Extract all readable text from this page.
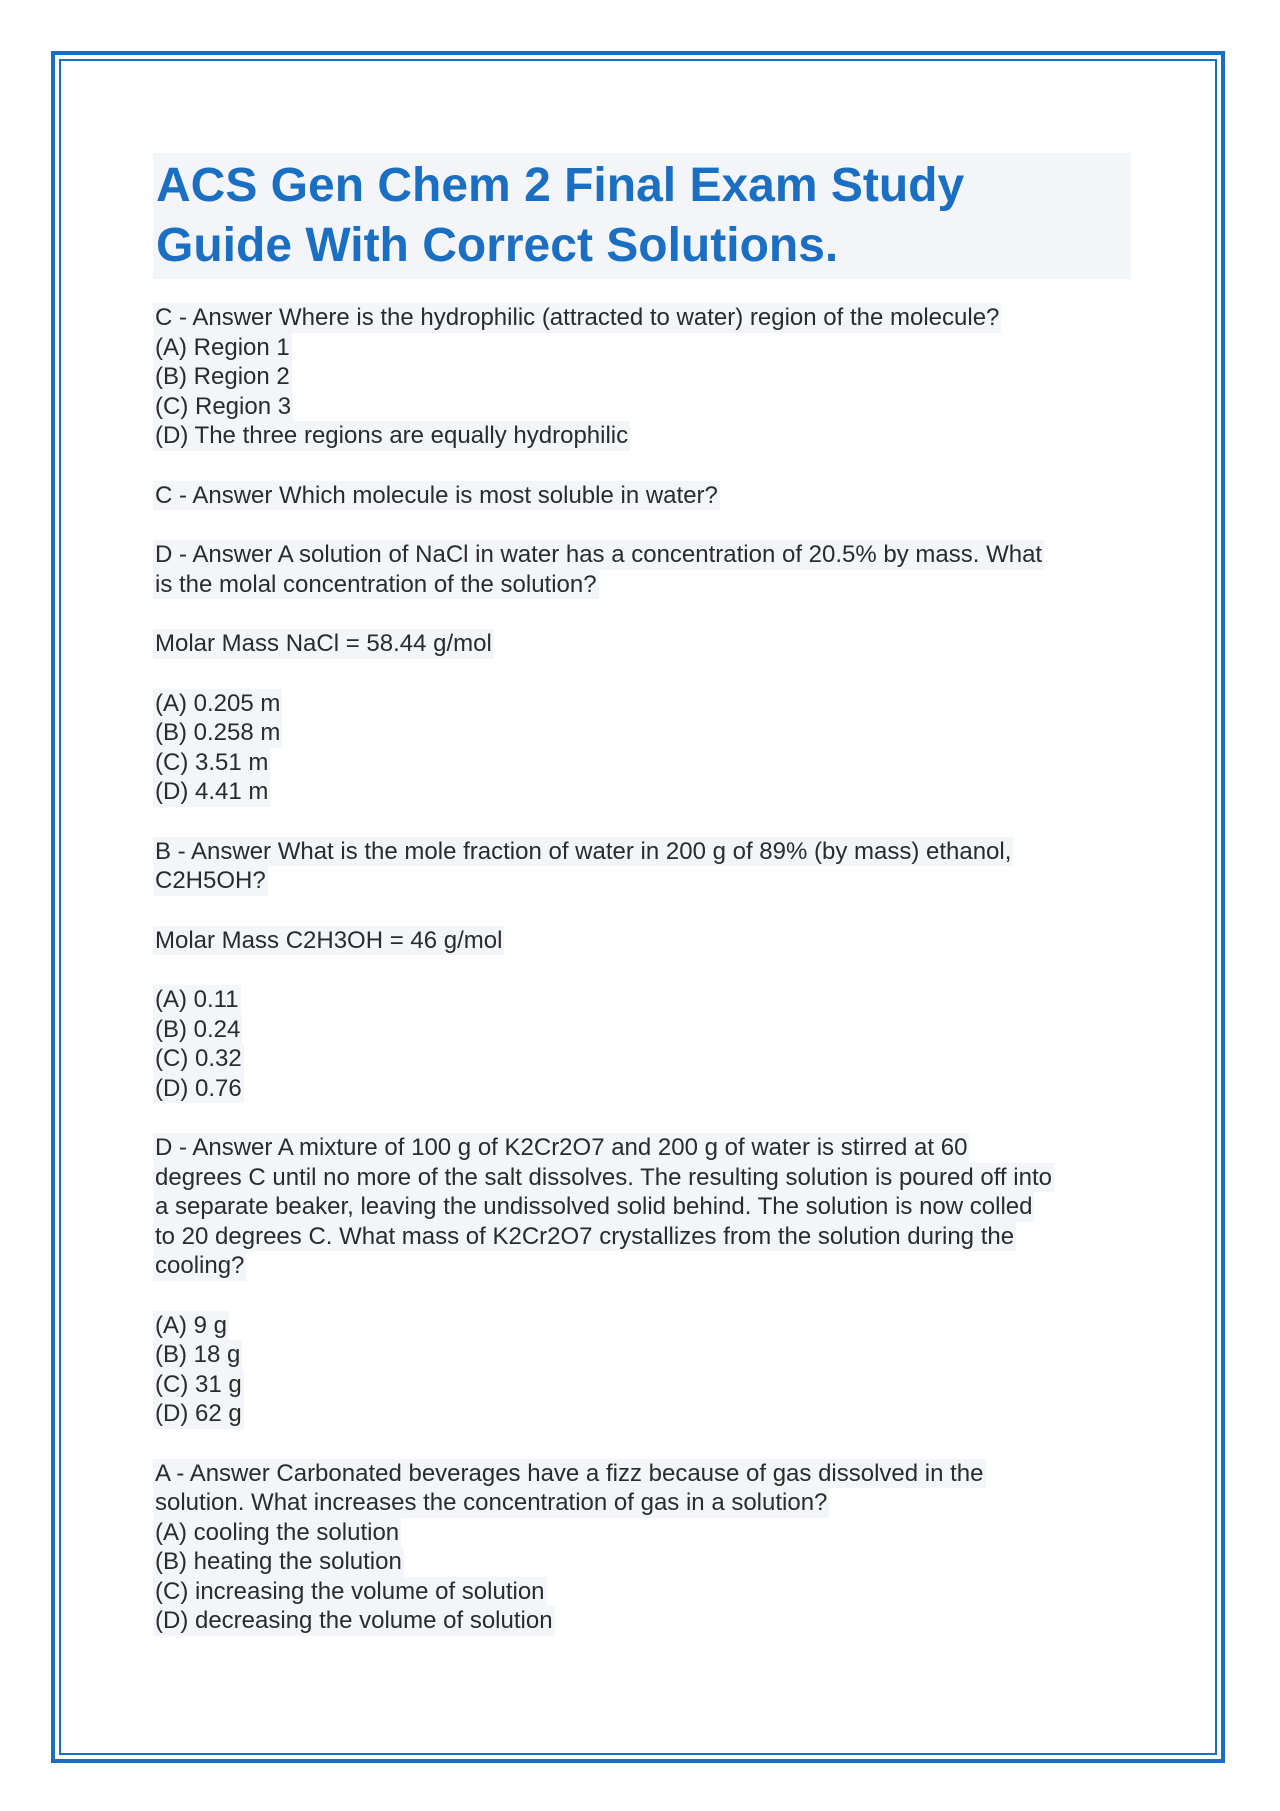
ACS Gen Chem 2 Final Exam Study
Guide With Correct Solutions.
C - Answer Where is the hydrophilic (attracted to water) region of the molecule?
(A) Region 1
(B) Region 2
(C) Region 3
(D) The three regions are equally hydrophilic
C - Answer Which molecule is most soluble in water?
D - Answer A solution of NaCl in water has a concentration of 20.5% by mass. What
is the molal concentration of the solution?
Molar Mass NaCl = 58.44 g/mol
(A) 0.205 m
(B) 0.258 m
(C) 3.51 m
(D) 4.41 m
B - Answer What is the mole fraction of water in 200 g of 89% (by mass) ethanol,
C2H5OH?
Molar Mass C2H3OH = 46 g/mol
(A) 0.11
(B) 0.24
(C) 0.32
(D) 0.76
D - Answer A mixture of 100 g of K2Cr2O7 and 200 g of water is stirred at 60
degrees C until no more of the salt dissolves. The resulting solution is poured off into
a separate beaker, leaving the undissolved solid behind. The solution is now colled
to 20 degrees C. What mass of K2Cr2O7 crystallizes from the solution during the
cooling?
(A) 9 g
(B) 18 g
(C) 31 g
(D) 62 g
A - Answer Carbonated beverages have a fizz because of gas dissolved in the
solution. What increases the concentration of gas in a solution?
(A) cooling the solution
(B) heating the solution
(C) increasing the volume of solution
(D) decreasing the volume of solution
